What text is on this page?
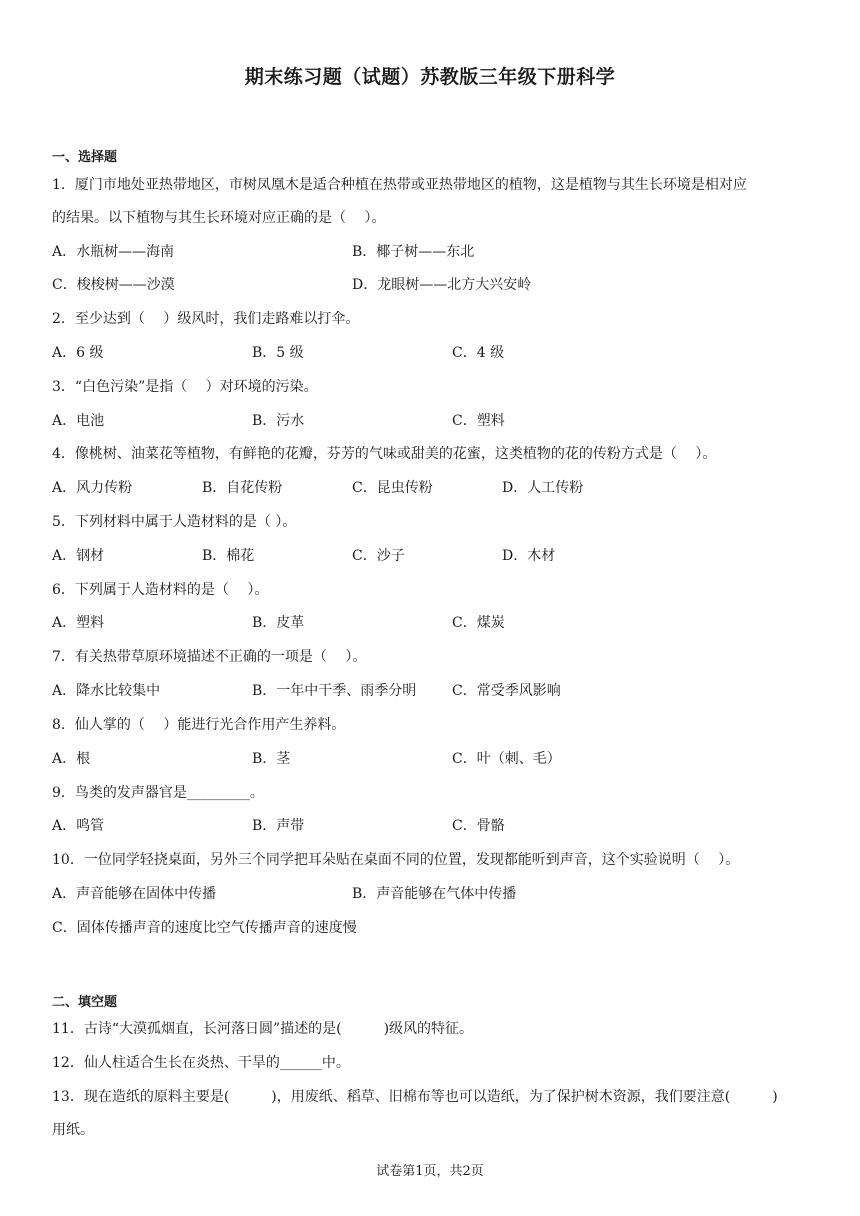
期末练习题（试题）苏教版三年级下册科学
一、选择题
1．厦门市地处亚热带地区，市树凤凰木是适合种植在热带或亚热带地区的植物，这是植物与其生长环境是相对应
的结果。以下植物与其生长环境对应正确的是（　 ）。
A．水瓶树——海南	B．椰子树——东北
C．梭梭树——沙漠	D．龙眼树——北方大兴安岭
2．至少达到（　 ）级风时，我们走路难以打伞。
A．6 级	B．5 级	C．4 级
3．“白色污染”是指（　 ）对环境的污染。
A．电池	B．污水	C．塑料
4．像桃树、油菜花等植物，有鲜艳的花瓣，芬芳的气味或甜美的花蜜，这类植物的花的传粉方式是（　 ）。
A．风力传粉	B．自花传粉	C．昆虫传粉	D．人工传粉
5．下列材料中属于人造材料的是（ ）。
A．钢材	B．棉花	C．沙子	D．木材
6．下列属于人造材料的是（　 ）。
A．塑料	B．皮革	C．煤炭
7．有关热带草原环境描述不正确的一项是（　 ）。
A．降水比较集中	B．一年中干季、雨季分明	C．常受季风影响
8．仙人掌的（　 ）能进行光合作用产生养料。
A．根	B．茎	C．叶（刺、毛）
9．鸟类的发声器官是_________。
A．鸣管	B．声带	C．骨骼
10．一位同学轻挠桌面，另外三个同学把耳朵贴在桌面不同的位置，发现都能听到声音，这个实验说明（　 ）。
A．声音能够在固体中传播	B．声音能够在气体中传播
C．固体传播声音的速度比空气传播声音的速度慢
二、填空题
11．古诗“大漠孤烟直，长河落日圆”描述的是(　　　)级风的特征。
12．仙人柱适合生长在炎热、干旱的______中。
13．现在造纸的原料主要是(　　　)，用废纸、稻草、旧棉布等也可以造纸，为了保护树木资源，我们要注意(　　　)
用纸。
试卷第1页，共2页
